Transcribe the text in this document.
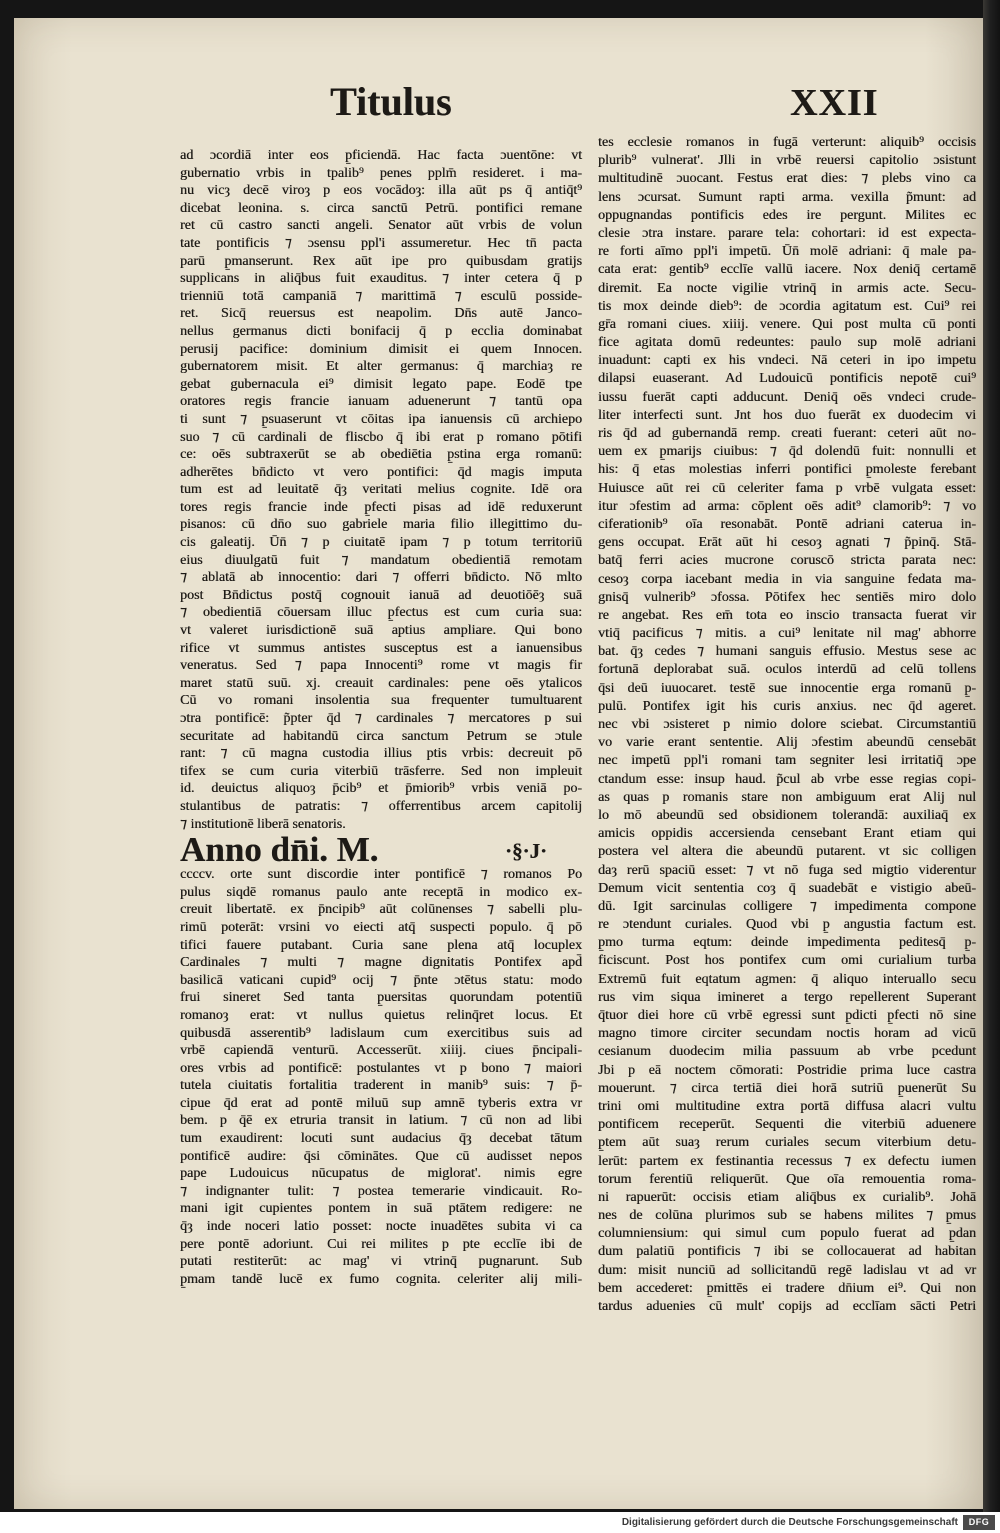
Titulus	XXII
ad ɔcordiā inter eos p̱ficiendā. Hac facta ɔuentōne: vt
gubernatio vrbis in tpalib⁹ penes pplm̄ resideret. i ma-
nu vicȝ decē viroȝ p eos vocādoȝ: illa aūt ps q̄ antiq̄t⁹
dicebat leonina. s. circa sanctū Petrū. pontifici remane
ret cū castro sancti angeli. Senator aūt vrbis de volun
tate pontificis ⁊ ɔsensu ppl'i assumeretur. Hec tn̄ pacta
parū p̱manserunt. Rex aūt ipe pro quibusdam gratijs
supplicans in aliq̄bus fuit exauditus. ⁊ inter cetera q̄ p
trienniū totā campaniā ⁊ marittimā ⁊ esculū posside-
ret. Sicq̄ reuersus est neapolim. Dn̄s autē Janco-
nellus germanus dicti bonifacij q̄ p ecclia dominabat
perusij pacifice: dominium dimisit ei quem Innocen.
gubernatorem misit. Et alter germanus: q̄ marchiaȝ re
gebat gubernacula ei⁹ dimisit legato pape. Eodē tpe
oratores regis francie ianuam aduenerunt ⁊ tantū opa
ti sunt ⁊ p̱suaserunt vt cōitas ipa ianuensis cū archiepo
suo ⁊ cū cardinali de fliscbo q̄ ibi erat p romano pōtifi
ce: oēs subtraxerūt se ab obediētia p̱stina erga romanū:
adherētes bn̄dicto vt vero pontifici: q̄d magis imputa
tum est ad leuitatē q̄ȝ veritati melius cognite. Idē ora
tores regis francie inde p̱fecti pisas ad idē reduxerunt
pisanos: cū dn̄o suo gabriele maria filio illegittimo du-
cis galeatij. Ūn̄ ⁊ p ciuitatē ipam ⁊ p totum territoriū
eius diuulgatū fuit ⁊ mandatum obedientiā remotam
⁊ ablatā ab innocentio: dari ⁊ offerri bn̄dicto. Nō mlto
post Bn̄dictus postq̄ cognouit ianuā ad deuotiōēȝ suā
⁊ obedientiā cōuersam illuc p̱fectus est cum curia sua:
vt valeret iurisdictionē suā aptius ampliare. Qui bono
rifice vt summus antistes susceptus est a ianuensibus
veneratus. Sed ⁊ papa Innocenti⁹ rome vt magis fir
maret statū suū. xj. creauit cardinales: pene oēs ytalicos
Cū vo romani insolentia sua frequenter tumultuarent
ɔtra pontificē: p̃pter q̄d ⁊ cardinales ⁊ mercatores p sui
securitate ad habitandū circa sanctum Petrum se ɔtule
rant: ⁊ cū magna custodia illius ptis vrbis: decreuit pō
tifex se cum curia viterbiū trāsferre. Sed non impleuit
id. deuictus aliquoȝ p̄cib⁹ et p̄miorib⁹ vrbis veniā po-
stulantibus de patratis: ⁊ offerrentibus arcem capitolij
⁊ institutionē liberā senatoris.
Anno dn̄i. M.	·§·J·
ccccv. orte sunt discordie inter pontificē ⁊ romanos Po
pulus siqdē romanus paulo ante receptā in modico ex-
creuit libertatē. ex p̄ncipib⁹ aūt colūnenses ⁊ sabelli plu-
rimū poterāt: vrsini vo eiecti atq̄ suspecti populo. q̄ pō
tifici fauere putabant. Curia sane plena atq̄ locuplex
Cardinales ⁊ multi ⁊ magne dignitatis Pontifex apd̄
basilicā vaticani cupid⁹ ocij ⁊ p̄nte ɔtētus statu: modo
frui sineret Sed tanta p̱uersitas quorundam potentiū
romanoȝ erat: vt nullus quietus relinq̄ret locus. Et
quibusdā asserentib⁹ ladislaum cum exercitibus suis ad
vrbē capiendā venturū. Accesserūt. xiiij. ciues p̄ncipali-
ores vrbis ad pontificē: postulantes vt p bono ⁊ maiori
tutela ciuitatis fortalitia traderent in manib⁹ suis: ⁊ p̄-
cipue q̄d erat ad pontē miluū sup amnē tyberis extra vr
bem. p q̄ē ex etruria transit in latium. ⁊ cū non ad libi
tum exaudirent: locuti sunt audacius q̄ȝ decebat tātum
pontificē audire: q̄si cōminātes. Que cū audisset nepos
pape Ludouicus nūcupatus de miglorat'. nimis egre
⁊ indignanter tulit: ⁊ postea temerarie vindicauit. Ro-
mani igit cupientes pontem in suā ptātem redigere: ne
q̄ȝ inde noceri latio posset: nocte inuadētes subita vi ca
pere pontē adoriunt. Cui rei milites p pte ecclīe ibi de
putati restiterūt: ac mag' vi vtrinq̄ pugnarunt. Sub
p̱mam tandē lucē ex fumo cognita. celeriter alij mili-
tes ecclesie romanos in fugā verterunt: aliquib⁹ occisis
plurib⁹ vulnerat'. Jlli in vrbē reuersi capitolio ɔsistunt
multitudinē ɔuocant. Festus erat dies: ⁊ plebs vino ca
lens ɔcursat. Sumunt rapti arma. vexilla p̃munt: ad
oppugnandas pontificis edes ire pergunt. Milites ec
clesie ɔtra instare. parare tela: cohortari: id est expecta-
re forti aīmo ppl'i impetū. Ūn̄ molē adriani: q̄ male pa-
cata erat: gentib⁹ ecclīe vallū iacere. Nox deniq̄ certamē
diremit. Ea nocte vigilie vtrinq̄ in armis acte. Secu-
tis mox deinde dieb⁹: de ɔcordia agitatum est. Cui⁹ rei
gr̄a romani ciues. xiiij. venere. Qui post multa cū ponti
fice agitata domū redeuntes: paulo sup molē adriani
inuadunt: capti ex his vndeci. Nā ceteri in ipo impetu
dilapsi euaserant. Ad Ludouicū pontificis nepotē cui⁹
iussu fuerāt capti adducunt. Deniq̄ oēs vndeci crude-
liter interfecti sunt. Jnt hos duo fuerāt ex duodecim vi
ris q̄d ad gubernandā remp. creati fuerant: ceteri aūt no-
uem ex p̱marijs ciuibus: ⁊ q̄d dolendū fuit: nonnulli et
his: q̄ etas molestias inferri pontifici p̱moleste ferebant
Huiusce aūt rei cū celeriter fama p vrbē vulgata esset:
itur ɔfestim ad arma: cōplent oēs adit⁹ clamorib⁹: ⁊ vo
ciferationib⁹ oīa resonabāt. Pontē adriani caterua in-
gens occupat. Erāt aūt hi cesoȝ agnati ⁊ p̃pinq̄. Stā-
batq̄ ferri acies mucrone coruscō stricta parata nec:
cesoȝ corpa iacebant media in via sanguine fedata ma-
gnisq̄ vulnerib⁹ ɔfossa. Pōtifex hec sentiēs miro dolo
re angebat. Res em̄ tota eo inscio transacta fuerat vir
vtiq̄ pacificus ⁊ mitis. a cui⁹ lenitate nil mag' abhorre
bat. q̄ȝ cedes ⁊ humani sanguis effusio. Mestus sese ac
fortunā deplorabat suā. oculos interdū ad celū tollens
q̄si deū iuuocaret. testē sue innocentie erga romanū p̱-
pulū. Pontifex igit his curis anxius. nec q̄d ageret.
nec vbi ɔsisteret p nimio dolore sciebat. Circumstantiū
vo varie erant sententie. Alij ɔfestim abeundū censebāt
nec impetū ppl'i romani tam segniter lesi irritatiq̄ ɔpe
ctandum esse: insup haud. p̃cul ab vrbe esse regias copi-
as quas p romanis stare non ambiguum erat Alij nul
lo mō abeundū sed obsidionem tolerandā: auxiliaq̄ ex
amicis oppidis accersienda censebant Erant etiam qui
postera vel altera die abeundū putarent. vt sic colligen
daȝ rerū spaciū esset: ⁊ vt nō fuga sed migtio viderentur
Demum vicit sententia coȝ q̄ suadebāt e vistigio abeū-
dū. Igit sarcinulas colligere ⁊ impedimenta compone
re ɔtendunt curiales. Quod vbi p̱ angustia factum est.
p̱mo turma eqtum: deinde impedimenta peditesq̄ p̱-
ficiscunt. Post hos pontifex cum omi curialium turba
Extremū fuit eqtatum agmen: q̄ aliquo interuallo secu
rus vim siqua imineret a tergo repellerent Superant
q̄tuor diei hore cū vrbē egressi sunt p̱dicti p̱fecti nō sine
magno timore circiter secundam noctis horam ad vicū
cesianum duodecim milia passuum ab vrbe pcedunt
Jbi p eā noctem cōmorati: Postridie prima luce castra
mouerunt. ⁊ circa tertiā diei horā sutriū p̱uenerūt Su
trini omi multitudine extra portā diffusa alacri vultu
pontificem receperūt. Sequenti die viterbiū aduenere
p̱tem aūt suaȝ rerum curiales secum viterbium detu-
lerūt: partem ex festinantia recessus ⁊ ex defectu iumen
torum ferentiū reliquerūt. Que oīa remouentia roma-
ni rapuerūt: occisis etiam aliq̄bus ex curialib⁹. Johā
nes de colūna plurimos sub se habens milites ⁊ p̱mus
columniensium: qui simul cum populo fuerat ad p̱dan
dum palatiū pontificis ⁊ ibi se collocauerat ad habitan
dum: misit nunciū ad sollicitandū regē ladislau vt ad vr
bem accederet: p̱mittēs ei tradere dn̄ium ei⁹. Qui non
tardus aduenies cū mult' copijs ad ecclīam sācti Petri
Digitalisierung gefördert durch die Deutsche Forschungsgemeinschaft	DFG
